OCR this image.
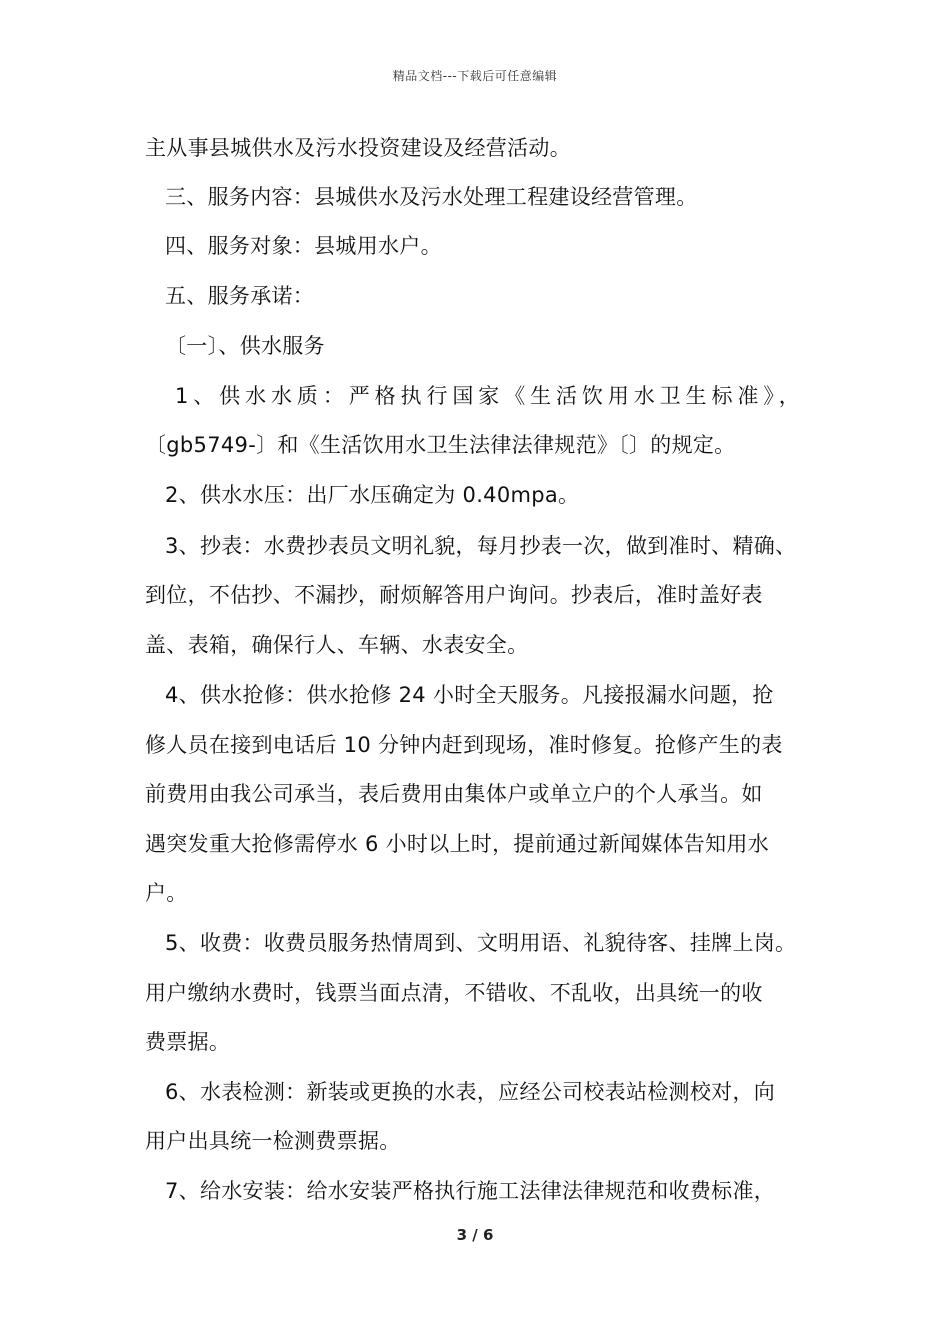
精品文档---下载后可任意编辑
主从事县城供水及污水投资建设及经营活动。
三、服务内容：县城供水及污水处理工程建设经营管理。
四、服务对象：县城用水户。
五、服务承诺：
〔一〕、供水服务
1、供水水质：严格执行国家《生活饮用水卫生标准》，
〔gb5749-〕和《生活饮用水卫生法律法律规范》〔〕的规定。
2、供水水压：出厂水压确定为 0.40mpa。
3、抄表：水费抄表员文明礼貌，每月抄表一次，做到准时、精确、
到位，不估抄、不漏抄，耐烦解答用户询问。抄表后，准时盖好表
盖、表箱，确保行人、车辆、水表安全。
4、供水抢修：供水抢修 24 小时全天服务。凡接报漏水问题，抢
修人员在接到电话后 10 分钟内赶到现场，准时修复。抢修产生的表
前费用由我公司承当，表后费用由集体户或单立户的个人承当。如
遇突发重大抢修需停水 6 小时以上时，提前通过新闻媒体告知用水
户。
5、收费：收费员服务热情周到、文明用语、礼貌待客、挂牌上岗。
用户缴纳水费时，钱票当面点清，不错收、不乱收，出具统一的收
费票据。
6、水表检测：新装或更换的水表，应经公司校表站检测校对，向
用户出具统一检测费票据。
7、给水安装：给水安装严格执行施工法律法律规范和收费标准，
3 / 6
